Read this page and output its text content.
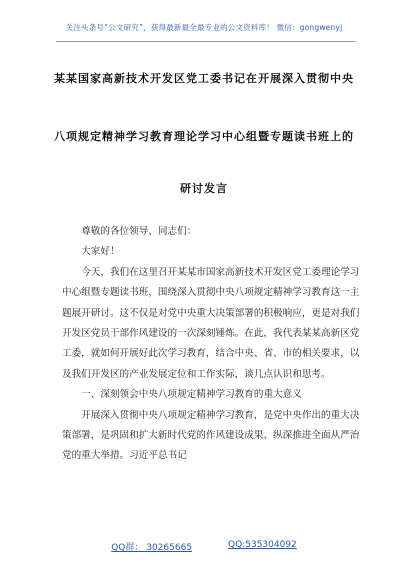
关注头条号“公文研究”，获得最新最全最专业的公文资料库！ 微信：gongwenyj
某某国家高新技术开发区党工委书记在开展深入贯彻中央
八项规定精神学习教育理论学习中心组暨专题读书班上的
研讨发言

尊敬的各位领导、同志们：

大家好！

今天，我们在这里召开某某市国家高新技术开发区党工委理论学习中心组暨专题读书班，围绕深入贯彻中央八项规定精神学习教育这一主题展开研讨。这不仅是对党中央重大决策部署的积极响应，更是对我们开发区党员干部作风建设的一次深刻锤炼。在此，我代表某某高新区党工委，就如何开展好此次学习教育，结合中央、省、市的相关要求，以及我们开发区的产业发展定位和工作实际，谈几点认识和思考。

一、深刻领会中央八项规定精神学习教育的重大意义

开展深入贯彻中央八项规定精神学习教育，是党中央作出的重大决策部署，是巩固和扩大新时代党的作风建设成果、纵深推进全面从严治党的重大举措。习近平总书记

QQ群： 30265665	QQ:535304092
